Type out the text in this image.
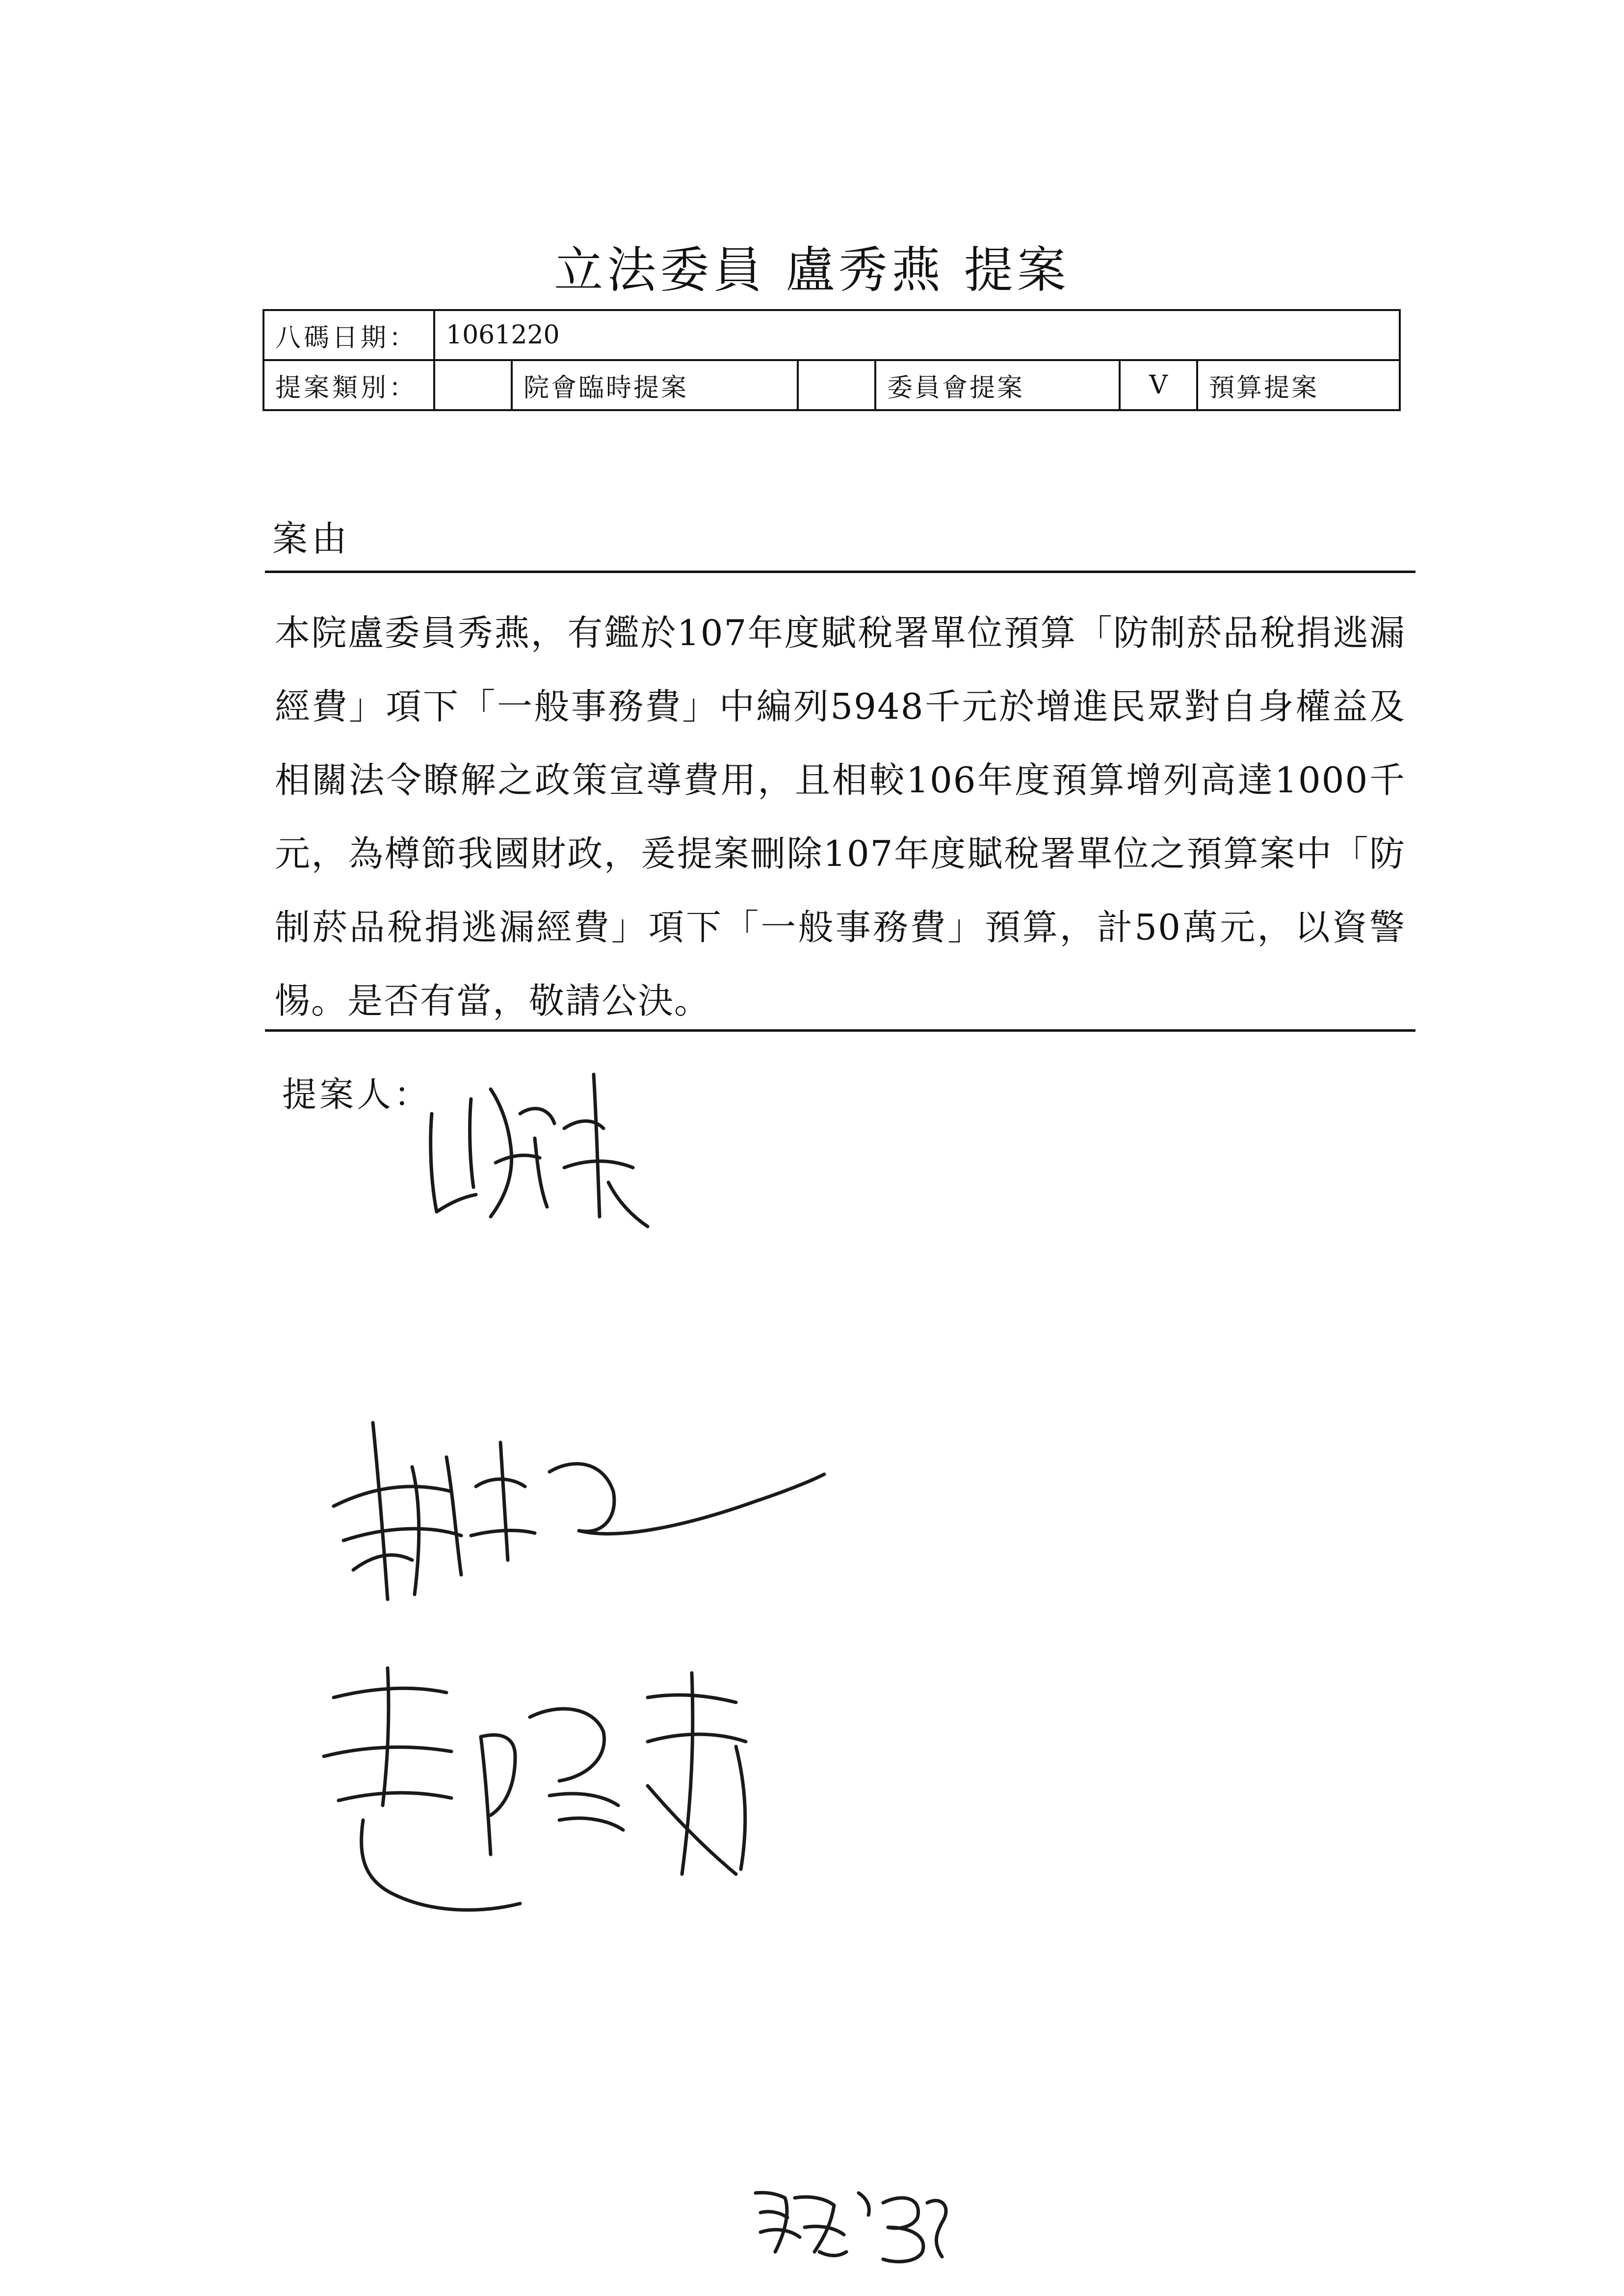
立法委員 盧秀燕 提案
八碼日期：	1061220					
提案類別：		院會臨時提案		委員會提案	V	預算提案
案由

本院盧委員秀燕，有鑑於107年度賦稅署單位預算「防制菸品稅捐逃漏經費」項下「一般事務費」中編列5948千元於增進民眾對自身權益及相關法令瞭解之政策宣導費用，且相較106年度預算增列高達1000千元，為樽節我國財政，爰提案刪除107年度賦稅署單位之預算案中「防制菸品稅捐逃漏經費」項下「一般事務費」預算，計50萬元，以資警惕。是否有當，敬請公決。

提案人：
